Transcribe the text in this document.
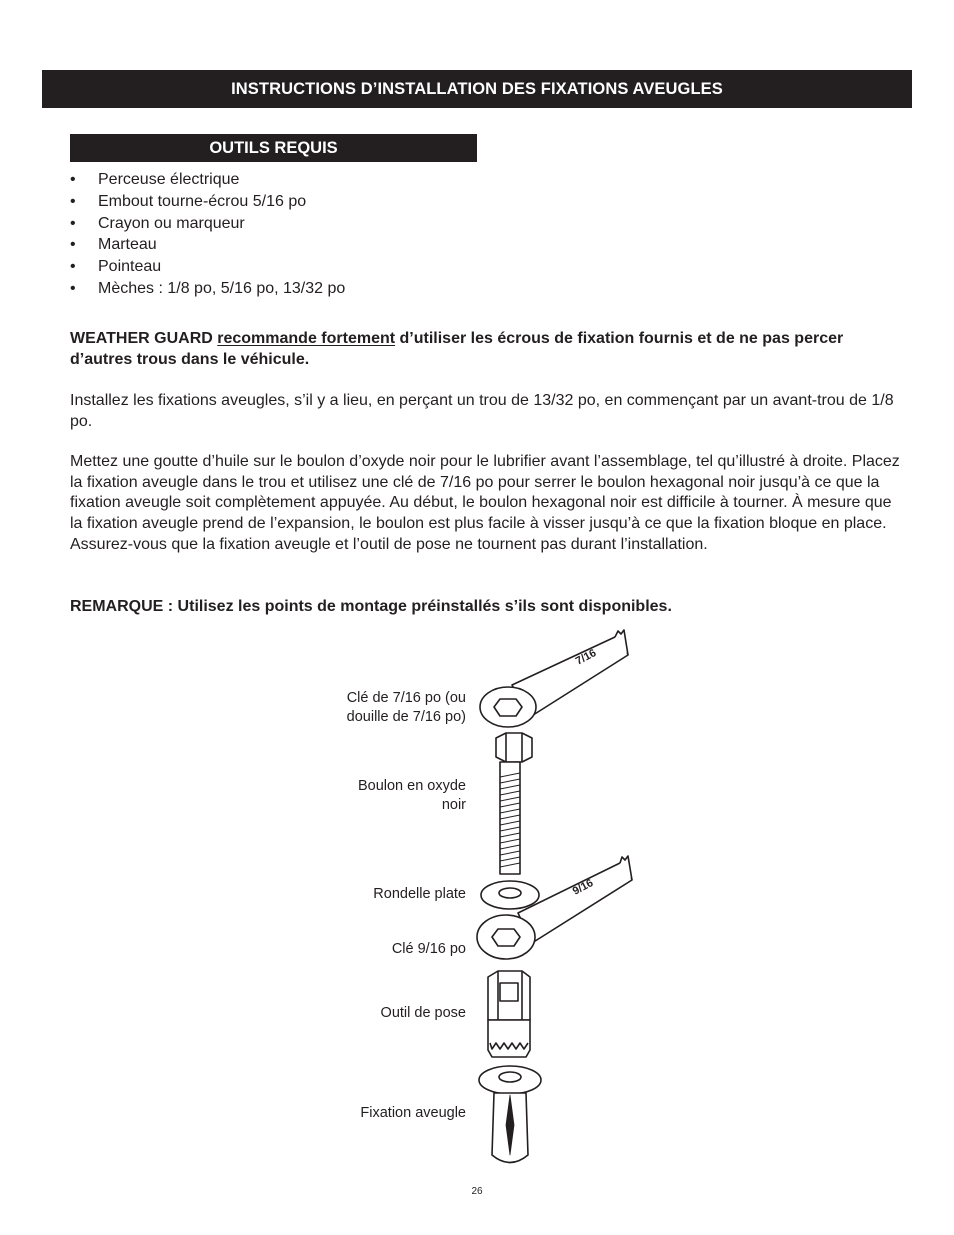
INSTRUCTIONS D’INSTALLATION DES FIXATIONS AVEUGLES
OUTILS REQUIS
•	Perceuse électrique
•	Embout tourne-écrou 5/16 po
•	Crayon ou marqueur
•	Marteau
•	Pointeau
•	Mèches : 1/8 po, 5/16 po, 13/32 po

WEATHER GUARD recommande fortement d’utiliser les écrous de fixation fournis et de ne pas percer d’autres trous dans le véhicule.

Installez les fixations aveugles, s’il y a lieu, en perçant un trou de 13/32 po, en commençant par un avant-trou de 1/8 po.

Mettez une goutte d’huile sur le boulon d’oxyde noir pour le lubrifier avant l’assemblage, tel qu’illustré à droite. Placez la fixation aveugle dans le trou et utilisez une clé de 7/16 po pour serrer le boulon hexagonal noir jusqu’à ce que la fixation aveugle soit complètement appuyée. Au début, le boulon hexagonal noir est difficile à tourner. À mesure que la fixation aveugle prend de l’expansion, le boulon est plus facile à visser jusqu’à ce que la fixation bloque en place. Assurez-vous que la fixation aveugle et l’outil de pose ne tournent pas durant l’installation.

REMARQUE : Utilisez les points de montage préinstallés s’ils sont disponibles.

Clé de 7/16 po (ou douille de 7/16 po)
Boulon en oxyde noir
Rondelle plate
Clé 9/16 po
Outil de pose
Fixation aveugle
7/16
9/16
26
